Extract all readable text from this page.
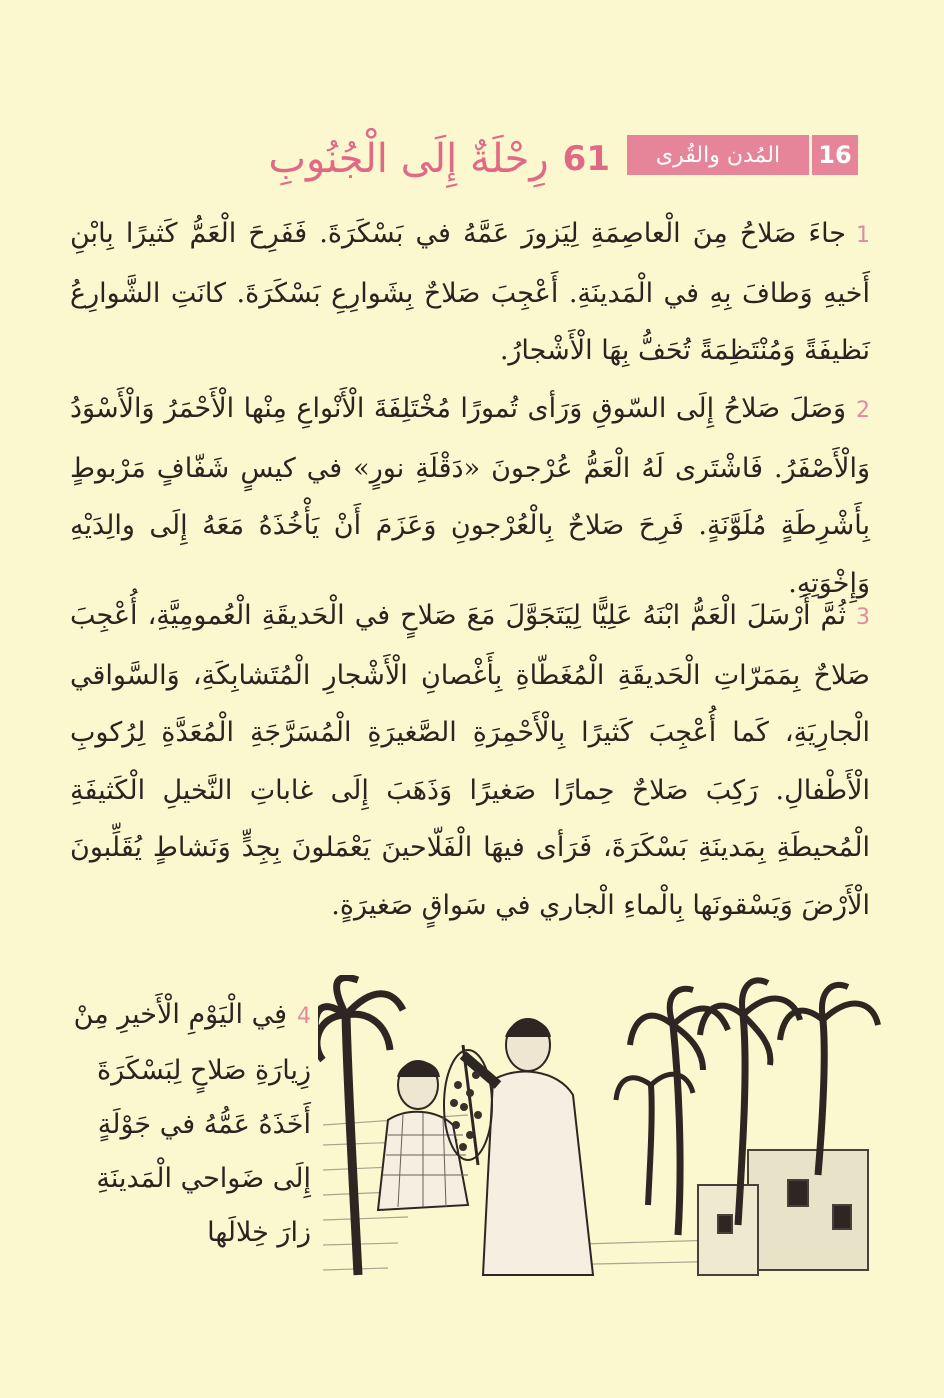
16
المُدن والقُرى
61
رِحْلَةٌ إِلَى الْجُنُوبِ
1جاءَ صَلاحُ مِنَ الْعاصِمَةِ لِيَزورَ عَمَّهُ في بَسْكَرَةَ. فَفَرِحَ الْعَمُّ كَثيرًا بِابْنِ أَخيهِ وَطافَ بِهِ في الْمَدينَةِ. أَعْجِبَ صَلاحٌ بِشَوارِعِ بَسْكَرَةَ. كانَتِ الشَّوارِعُ نَظيفَةً وَمُنْتَظِمَةً تُحَفُّ بِهَا الْأَشْجارُ.
2وَصَلَ صَلاحُ إِلَى السّوقِ وَرَأى تُمورًا مُخْتَلِفَةَ الْأَنْواعِ مِنْها الْأَحْمَرُ وَالْأَسْوَدُ وَالْأَصْفَرُ. فَاشْتَرى لَهُ الْعَمُّ عُرْجونَ «دَقْلَةِ نورٍ» في كيسٍ شَفّافٍ مَرْبوطٍ بِأَشْرِطَةٍ مُلَوَّنَةٍ. فَرِحَ صَلاحٌ بِالْعُرْجونِ وَعَزَمَ أَنْ يَأْخُذَهُ مَعَهُ إِلَى والِدَيْهِ وَإِخْوَتِهِ.
3ثُمَّ أَرْسَلَ الْعَمُّ ابْنَهُ عَلِيًّا لِيَتَجَوَّلَ مَعَ صَلاحٍ في الْحَديقَةِ الْعُمومِيَّةِ، أُعْجِبَ صَلاحٌ بِمَمَرّاتِ الْحَديقَةِ الْمُغَطّاةِ بِأَغْصانِ الْأَشْجارِ الْمُتَشابِكَةِ، وَالسَّواقي الْجارِيَةِ، كَما أُعْجِبَ كَثيرًا بِالْأَحْمِرَةِ الصَّغيرَةِ الْمُسَرَّجَةِ الْمُعَدَّةِ لِرُكوبِ الْأَطْفالِ. رَكِبَ صَلاحٌ حِمارًا صَغيرًا وَذَهَبَ إِلَى غاباتِ النَّخيلِ الْكَثيفَةِ الْمُحيطَةِ بِمَدينَةِ بَسْكَرَةَ، فَرَأى فيهَا الْفَلّاحينَ يَعْمَلونَ بِجِدٍّ وَنَشاطٍ يُقَلِّبونَ الْأَرْضَ وَيَسْقونَها بِالْماءِ الْجاري في سَواقٍ صَغيرَةٍ.
4فِي الْيَوْمِ الْأَخيرِ مِنْ زِيارَةِ صَلاحٍ لِبَسْكَرَةَ أَخَذَهُ عَمُّهُ في جَوْلَةٍ إِلَى ضَواحي الْمَدينَةِ زارَ خِلالَها
